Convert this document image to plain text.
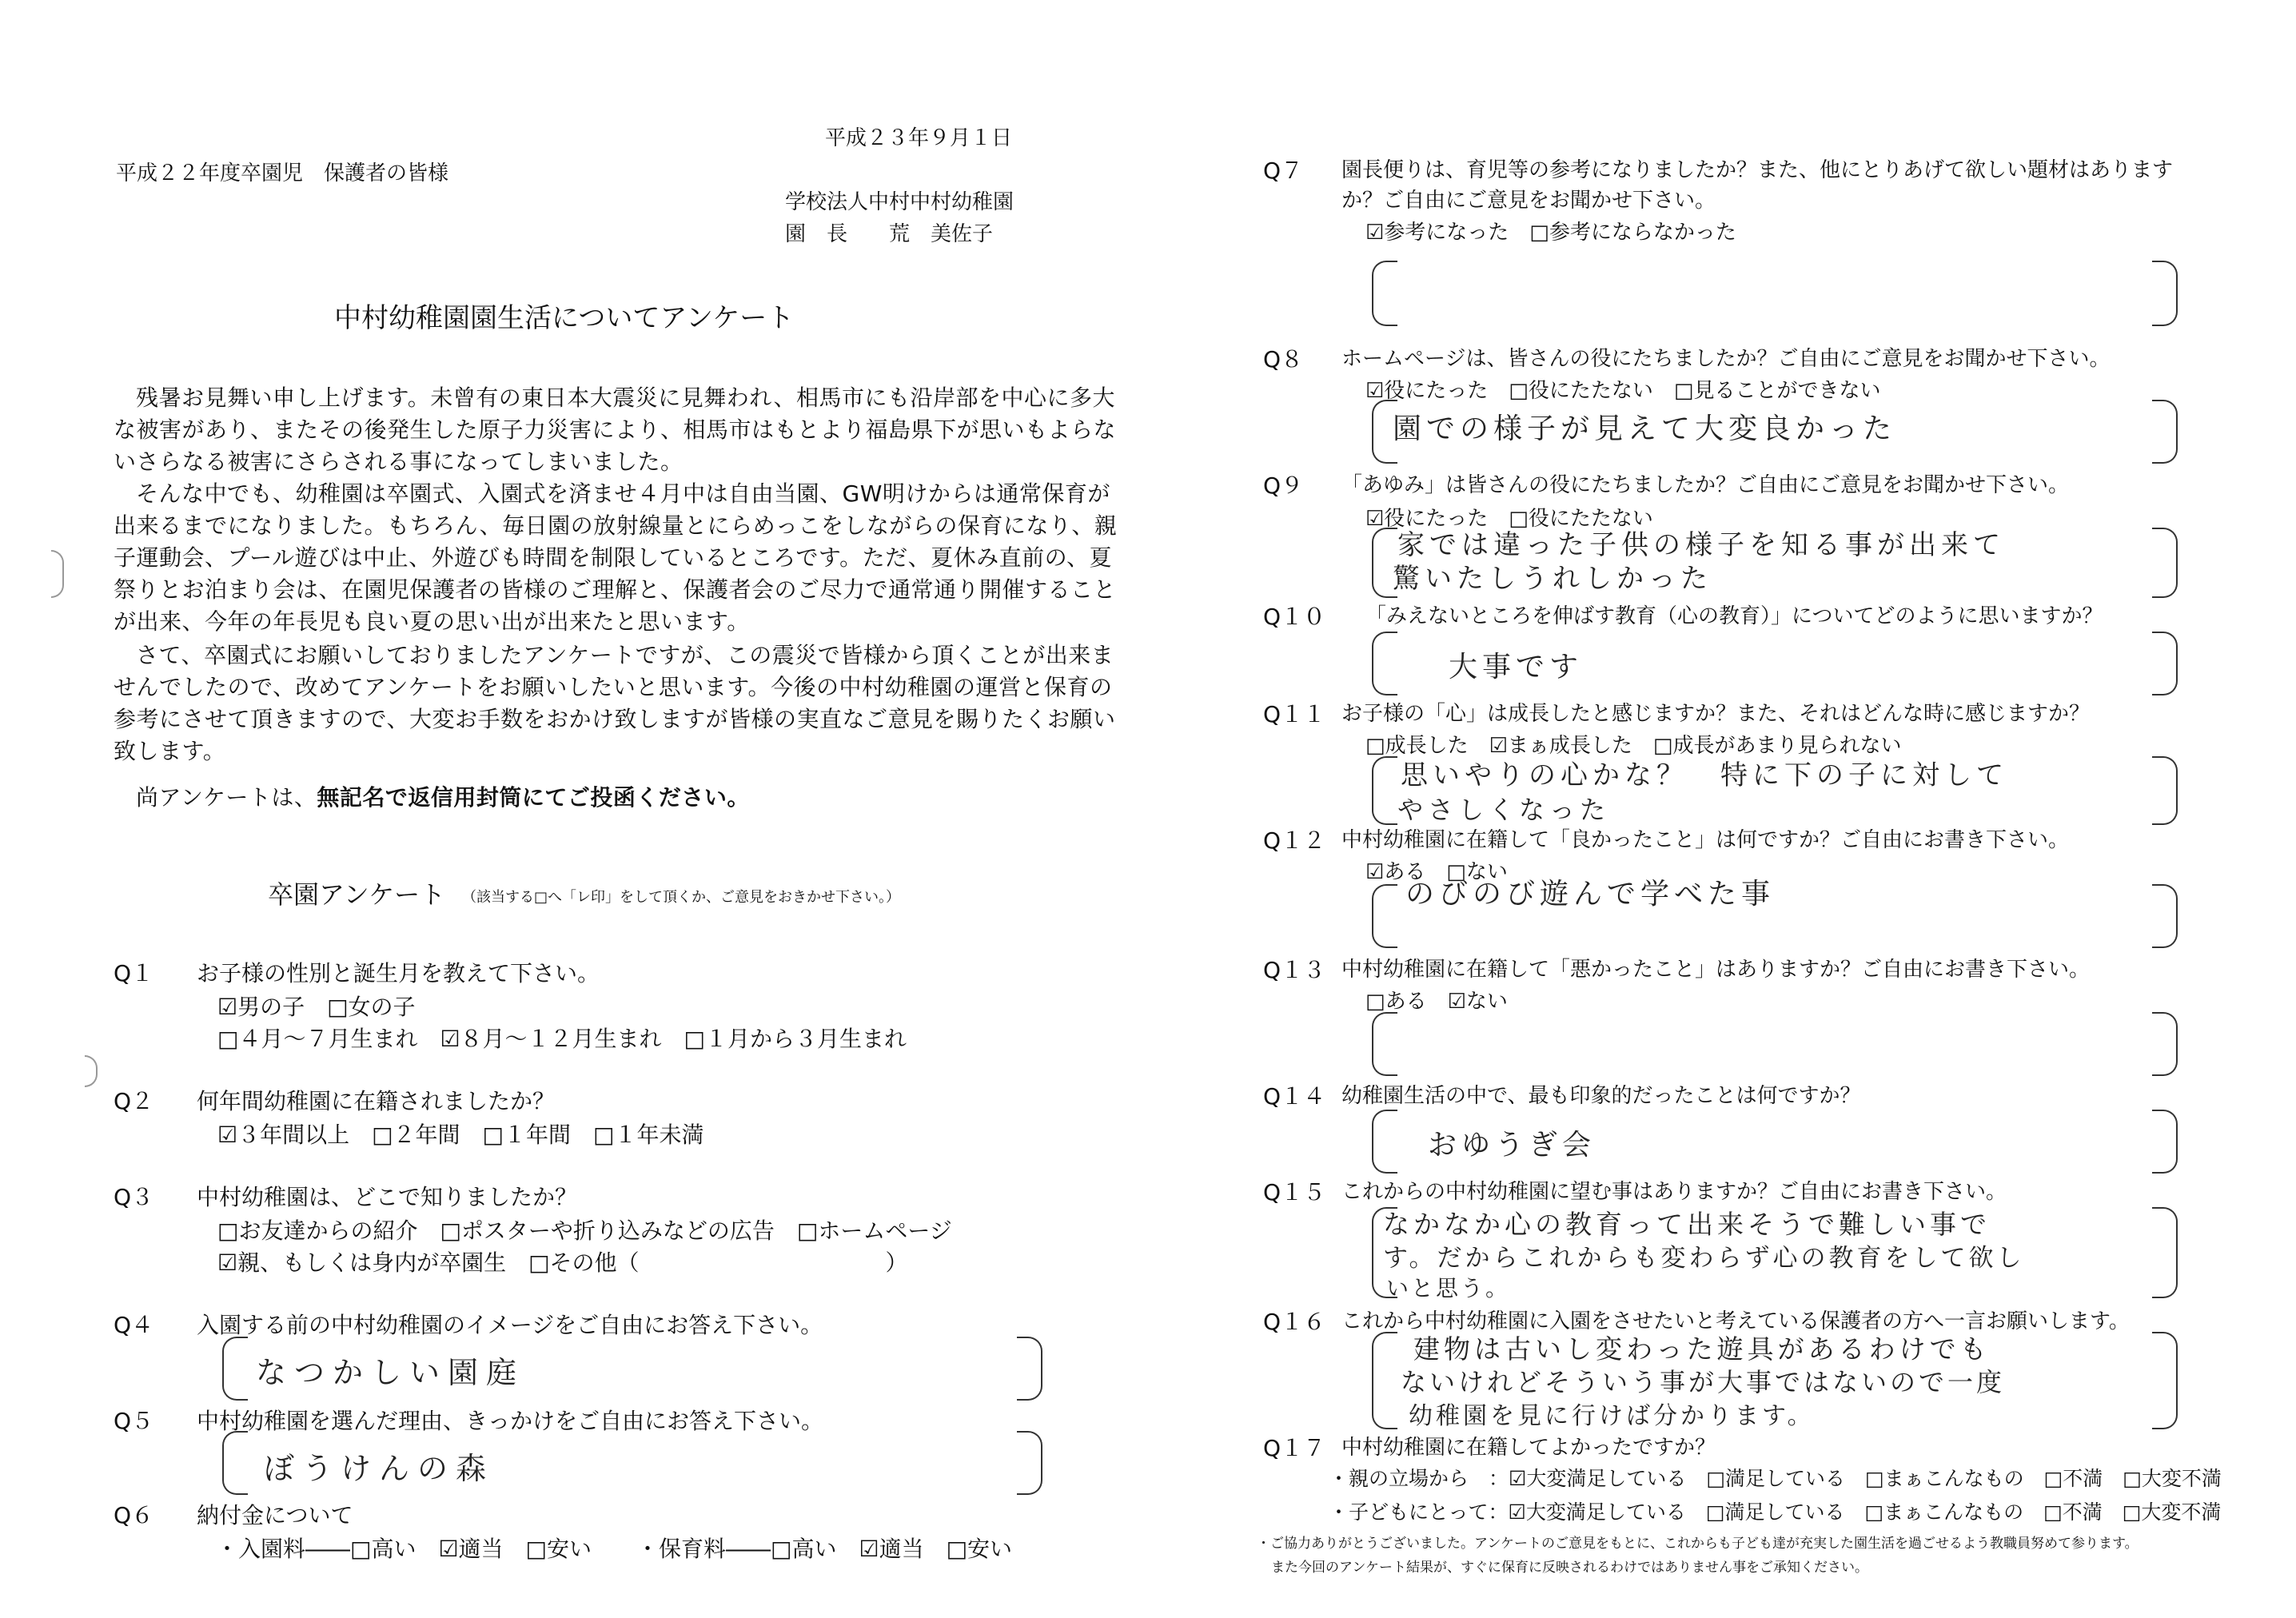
平成２３年９月１日
平成２２年度卒園児　保護者の皆様
学校法人中村中村幼稚園
園　長　　荒　美佐子
中村幼稚園園生活についてアンケート
残暑お見舞い申し上げます。未曾有の東日本大震災に見舞われ、相馬市にも沿岸部を中心に多大
な被害があり、またその後発生した原子力災害により、相馬市はもとより福島県下が思いもよらな
いさらなる被害にさらされる事になってしまいました。
そんな中でも、幼稚園は卒園式、入園式を済ませ４月中は自由当園、GW明けからは通常保育が
出来るまでになりました。もちろん、毎日園の放射線量とにらめっこをしながらの保育になり、親
子運動会、プール遊びは中止、外遊びも時間を制限しているところです。ただ、夏休み直前の、夏
祭りとお泊まり会は、在園児保護者の皆様のご理解と、保護者会のご尽力で通常通り開催すること
が出来、今年の年長児も良い夏の思い出が出来たと思います。
さて、卒園式にお願いしておりましたアンケートですが、この震災で皆様から頂くことが出来ま
せんでしたので、改めてアンケートをお願いしたいと思います。今後の中村幼稚園の運営と保育の
参考にさせて頂きますので、大変お手数をおかけ致しますが皆様の実直なご意見を賜りたくお願い
致します。
尚アンケートは、無記名で返信用封筒にてご投函ください。
卒園アンケート （該当する□へ「レ印」をして頂くか、ご意見をおきかせ下さい。）
Q１ お子様の性別と誕生月を教えて下さい。
☑男の子　□女の子
□４月～７月生まれ　☑８月～１２月生まれ　□１月から３月生まれ
Q２ 何年間幼稚園に在籍されましたか？
☑３年間以上　□２年間　□１年間　□１年未満
Q３ 中村幼稚園は、どこで知りましたか？
□お友達からの紹介　□ポスターや折り込みなどの広告　□ホームページ
☑親、もしくは身内が卒園生　□その他（　　　　　　　　　　　）
Q４ 入園する前の中村幼稚園のイメージをご自由にお答え下さい。
なつかしい園庭
Q５ 中村幼稚園を選んだ理由、きっかけをご自由にお答え下さい。
ぼうけんの森
Q６ 納付金について
・入園料――□高い　☑適当　□安い　　・保育料――□高い　☑適当　□安い
Q７ 園長便りは、育児等の参考になりましたか？また、他にとりあげて欲しい題材はあります
か？ご自由にご意見をお聞かせ下さい。
☑参考になった　□参考にならなかった
Q８ ホームページは、皆さんの役にたちましたか？ご自由にご意見をお聞かせ下さい。
☑役にたった　□役にたたない　□見ることができない
園での様子が見えて大変良かった
Q９ 「あゆみ」は皆さんの役にたちましたか？ご自由にご意見をお聞かせ下さい。
☑役にたった　□役にたたない
家では違った子供の様子を知る事が出来て
驚いたしうれしかった
Q１０ 「みえないところを伸ばす教育（心の教育）」についてどのように思いますか？
大事です
Q１１ お子様の「心」は成長したと感じますか？また、それはどんな時に感じますか？
□成長した　☑まぁ成長した　□成長があまり見られない
思いやりの心かな？　特に下の子に対して
やさしくなった
Q１２ 中村幼稚園に在籍して「良かったこと」は何ですか？ご自由にお書き下さい。
☑ある　□ない
のびのび遊んで学べた事
Q１３ 中村幼稚園に在籍して「悪かったこと」はありますか？ご自由にお書き下さい。
□ある　☑ない
Q１４ 幼稚園生活の中で、最も印象的だったことは何ですか？
おゆうぎ会
Q１５ これからの中村幼稚園に望む事はありますか？ご自由にお書き下さい。
なかなか心の教育って出来そうで難しい事で
す。だからこれからも変わらず心の教育をして欲し
いと思う。
Q１６ これから中村幼稚園に入園をさせたいと考えている保護者の方へ一言お願いします。
建物は古いし変わった遊具があるわけでも
ないけれどそういう事が大事ではないので一度
幼稚園を見に行けば分かります。
Q１７ 中村幼稚園に在籍してよかったですか？
・親の立場から　：☑大変満足している　□満足している　□まぁこんなもの　□不満　□大変不満
・子どもにとって：☑大変満足している　□満足している　□まぁこんなもの　□不満　□大変不満
・ご協力ありがとうございました。アンケートのご意見をもとに、これからも子ども達が充実した園生活を過ごせるよう教職員努めて参ります。
また今回のアンケート結果が、すぐに保育に反映されるわけではありません事をご承知ください。
